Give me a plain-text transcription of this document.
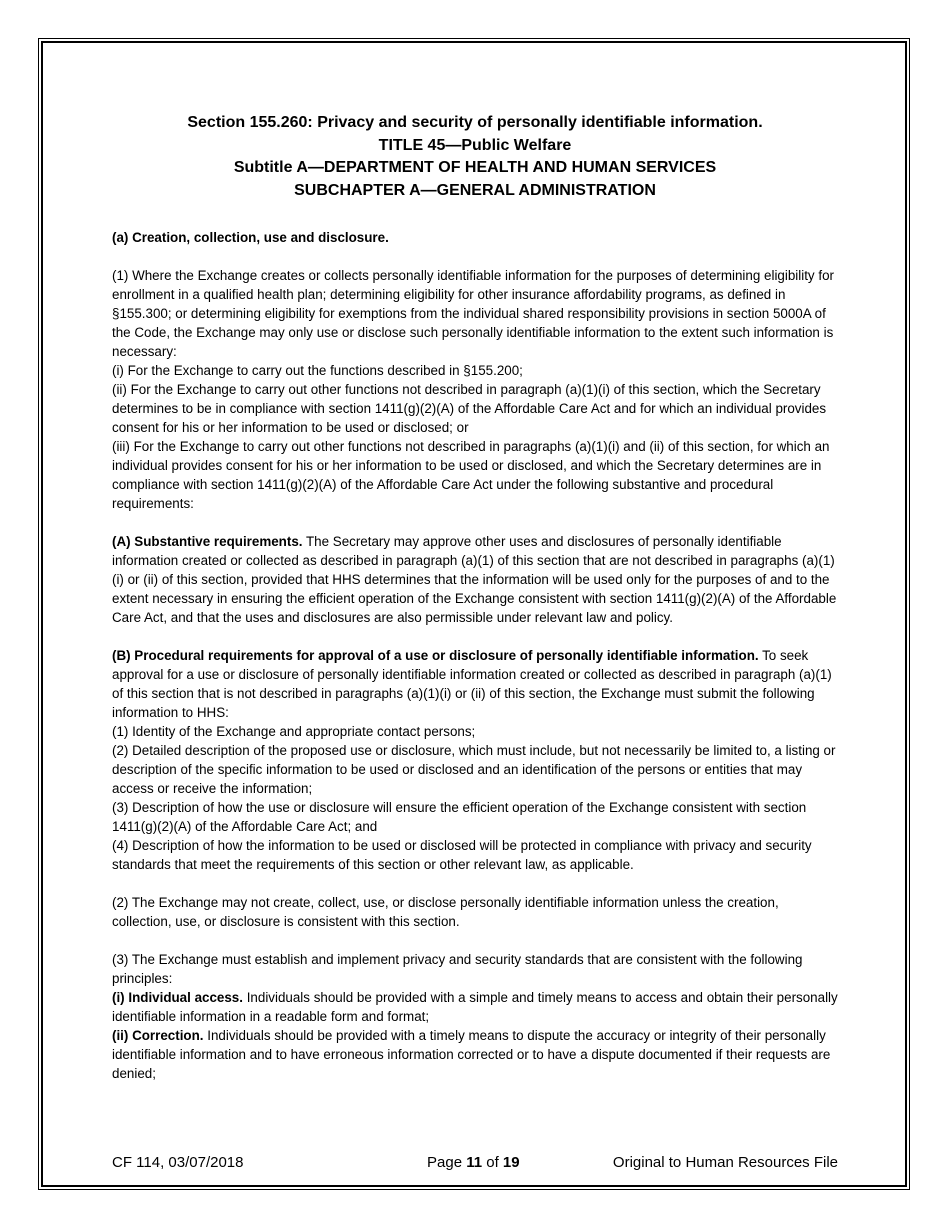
Section 155.260: Privacy and security of personally identifiable information.
TITLE 45—Public Welfare
Subtitle A—DEPARTMENT OF HEALTH AND HUMAN SERVICES
SUBCHAPTER A—GENERAL ADMINISTRATION

(a) Creation, collection, use and disclosure.

(1) Where the Exchange creates or collects personally identifiable information for the purposes of determining eligibility for enrollment in a qualified health plan; determining eligibility for other insurance affordability programs, as defined in §155.300; or determining eligibility for exemptions from the individual shared responsibility provisions in section 5000A of the Code, the Exchange may only use or disclose such personally identifiable information to the extent such information is necessary:

(i) For the Exchange to carry out the functions described in §155.200;

(ii) For the Exchange to carry out other functions not described in paragraph (a)(1)(i) of this section, which the Secretary determines to be in compliance with section 1411(g)(2)(A) of the Affordable Care Act and for which an individual provides consent for his or her information to be used or disclosed; or

(iii) For the Exchange to carry out other functions not described in paragraphs (a)(1)(i) and (ii) of this section, for which an individual provides consent for his or her information to be used or disclosed, and which the Secretary determines are in compliance with section 1411(g)(2)(A) of the Affordable Care Act under the following substantive and procedural requirements:

(A) Substantive requirements. The Secretary may approve other uses and disclosures of personally identifiable information created or collected as described in paragraph (a)(1) of this section that are not described in paragraphs (a)(1)(i) or (ii) of this section, provided that HHS determines that the information will be used only for the purposes of and to the extent necessary in ensuring the efficient operation of the Exchange consistent with section 1411(g)(2)(A) of the Affordable Care Act, and that the uses and disclosures are also permissible under relevant law and policy.

(B) Procedural requirements for approval of a use or disclosure of personally identifiable information. To seek approval for a use or disclosure of personally identifiable information created or collected as described in paragraph (a)(1) of this section that is not described in paragraphs (a)(1)(i) or (ii) of this section, the Exchange must submit the following information to HHS:

(1) Identity of the Exchange and appropriate contact persons;

(2) Detailed description of the proposed use or disclosure, which must include, but not necessarily be limited to, a listing or description of the specific information to be used or disclosed and an identification of the persons or entities that may access or receive the information;

(3) Description of how the use or disclosure will ensure the efficient operation of the Exchange consistent with section 1411(g)(2)(A) of the Affordable Care Act; and

(4) Description of how the information to be used or disclosed will be protected in compliance with privacy and security standards that meet the requirements of this section or other relevant law, as applicable.

(2) The Exchange may not create, collect, use, or disclose personally identifiable information unless the creation, collection, use, or disclosure is consistent with this section.

(3) The Exchange must establish and implement privacy and security standards that are consistent with the following principles:

(i) Individual access. Individuals should be provided with a simple and timely means to access and obtain their personally identifiable information in a readable form and format;

(ii) Correction. Individuals should be provided with a timely means to dispute the accuracy or integrity of their personally identifiable information and to have erroneous information corrected or to have a dispute documented if their requests are denied;

CF 114, 03/07/2018	Page 11 of 19	Original to Human Resources File
